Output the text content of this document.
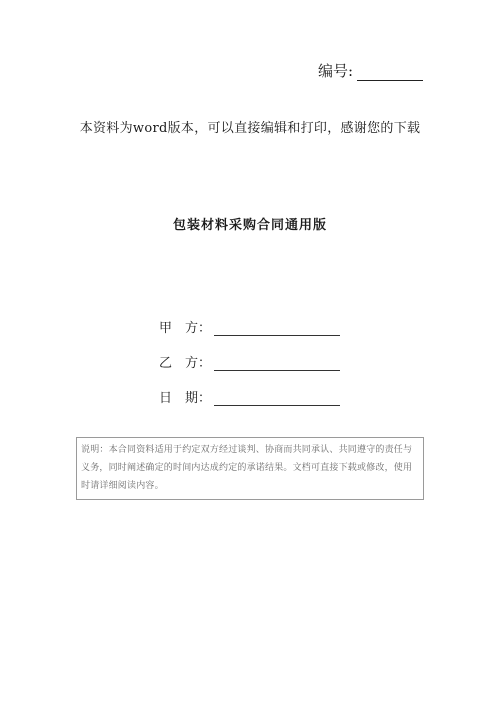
编号:
本资料为word版本，可以直接编辑和打印，感谢您的下载
包装材料采购合同通用版
甲　方：
乙　方：
日　期：
说明：本合同资料适用于约定双方经过谈判、协商而共同承认、共同遵守的责任与义务，同时阐述确定的时间内达成约定的承诺结果。文档可直接下载或修改，使用时请详细阅读内容。
